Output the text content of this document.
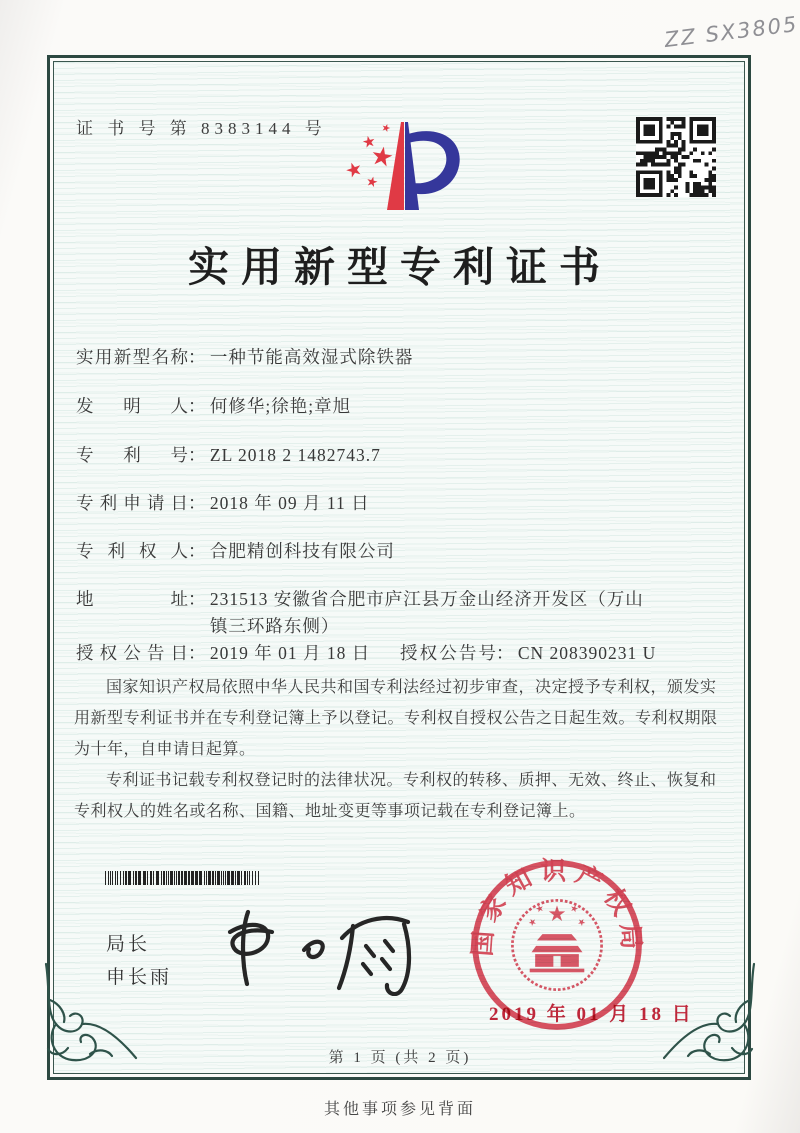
ZZ SX3805
证 书 号 第 8383144 号
实用新型专利证书
实用新型名称： 一种节能高效湿式除铁器
发明人： 何修华;徐艳;章旭
专利号： ZL 2018 2 1482743.7
专利申请日： 2018 年 09 月 11 日
专利权人： 合肥精创科技有限公司
地址： 231513 安徽省合肥市庐江县万金山经济开发区（万山镇三环路东侧）
授权公告日： 2019 年 01 月 18 日 授权公告号： CN 208390231 U

国家知识产权局依照中华人民共和国专利法经过初步审查，决定授予专利权，颁发实用新型专利证书并在专利登记簿上予以登记。专利权自授权公告之日起生效。专利权期限为十年，自申请日起算。

专利证书记载专利权登记时的法律状况。专利权的转移、质押、无效、终止、恢复和专利权人的姓名或名称、国籍、地址变更等事项记载在专利登记簿上。

局长
申长雨
国家知识产权局
2019 年 01 月 18 日
第 1 页 (共 2 页)
其他事项参见背面
